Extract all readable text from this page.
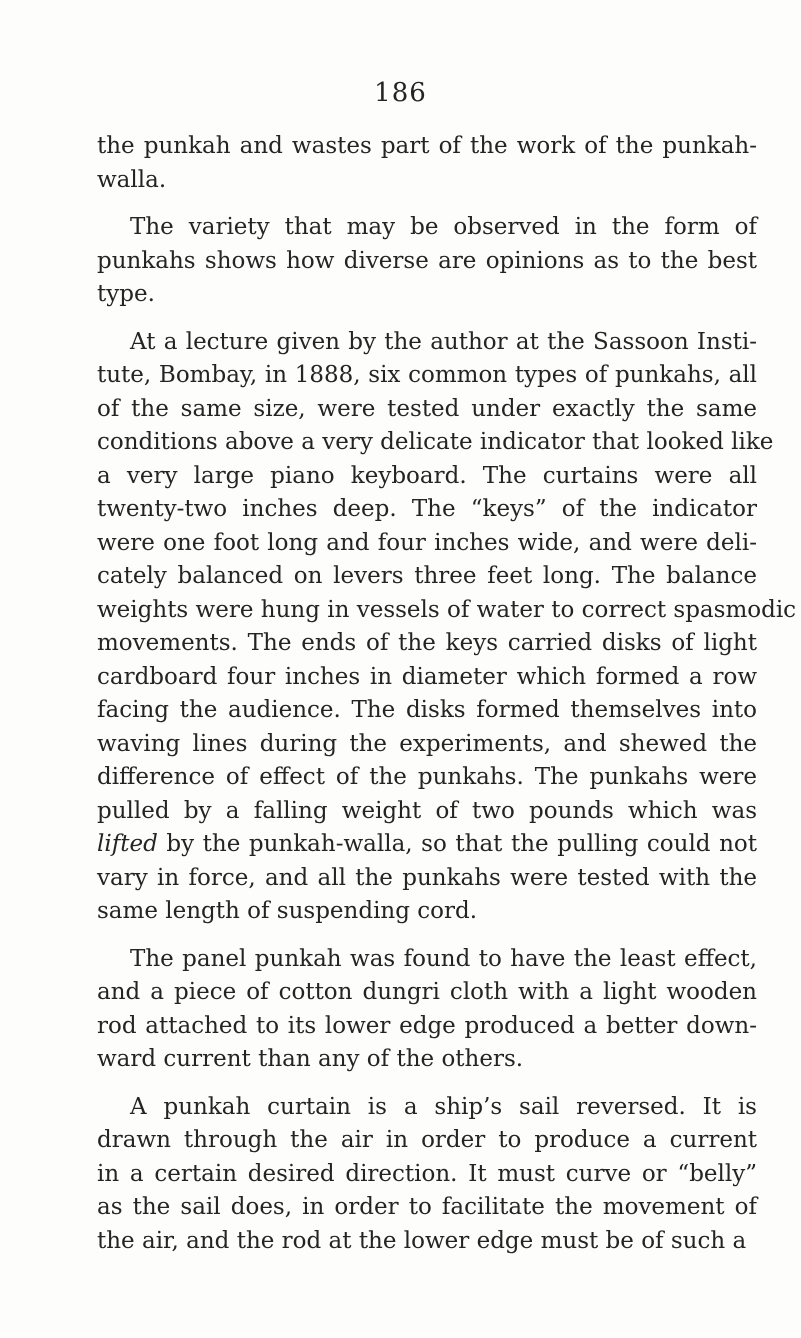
186
the punkah and wastes part of the work of the punkah-
walla.
The variety that may be observed in the form of
punkahs shows how diverse are opinions as to the best
type.
At a lecture given by the author at the Sassoon Insti-
tute, Bombay, in 1888, six common types of punkahs, all
of the same size, were tested under exactly the same
conditions above a very delicate indicator that looked like
a very large piano keyboard. The curtains were all
twenty-two inches deep. The “keys” of the indicator
were one foot long and four inches wide, and were deli-
cately balanced on levers three feet long. The balance
weights were hung in vessels of water to correct spasmodic
movements. The ends of the keys carried disks of light
cardboard four inches in diameter which formed a row
facing the audience. The disks formed themselves into
waving lines during the experiments, and shewed the
difference of effect of the punkahs. The punkahs were
pulled by a falling weight of two pounds which was
lifted by the punkah-walla, so that the pulling could not
vary in force, and all the punkahs were tested with the
same length of suspending cord.
The panel punkah was found to have the least effect,
and a piece of cotton dungri cloth with a light wooden
rod attached to its lower edge produced a better down-
ward current than any of the others.
A punkah curtain is a ship’s sail reversed. It is
drawn through the air in order to produce a current
in a certain desired direction. It must curve or “belly”
as the sail does, in order to facilitate the movement of
the air, and the rod at the lower edge must be of such a
